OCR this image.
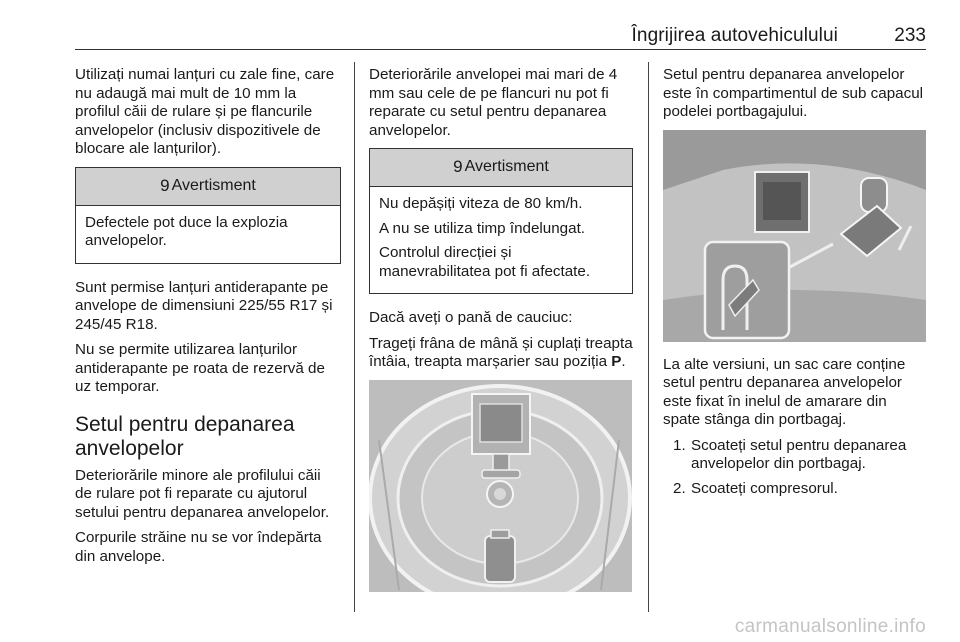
Îngrijirea autovehiculului	233

Utilizați numai lanțuri cu zale fine, care nu adaugă mai mult de 10 mm la profilul căii de rulare și pe flancurile anvelopelor (inclusiv dispozitivele de blocare ale lanțurilor).

9 Avertisment

Defectele pot duce la explozia anvelopelor.

Sunt permise lanțuri antiderapante pe anvelope de dimensiuni 225/55 R17 și 245/45 R18.

Nu se permite utilizarea lanțurilor antiderapante pe roata de rezervă de uz temporar.

Setul pentru depanarea anvelopelor

Deteriorările minore ale profilului căii de rulare pot fi reparate cu ajutorul setului pentru depanarea anvelopelor.

Corpurile străine nu se vor îndepărta din anvelope.

Deteriorările anvelopei mai mari de 4 mm sau cele de pe flancuri nu pot fi reparate cu setul pentru depanarea anvelopelor.

9 Avertisment

Nu depășiți viteza de 80 km/h.

A nu se utiliza timp îndelungat.

Controlul direcției și manevrabilitatea pot fi afectate.

Dacă aveți o pană de cauciuc:

Trageți frâna de mână și cuplați treapta întâia, treapta marșarier sau poziția P.

Setul pentru depanarea anvelopelor este în compartimentul de sub capacul podelei portbagajului.

La alte versiuni, un sac care conține setul pentru depanarea anvelopelor este fixat în inelul de amarare din spate stânga din portbagaj.

1. Scoateți setul pentru depanarea anvelopelor din portbagaj.
2. Scoateți compresorul.
carmanualsonline.info
